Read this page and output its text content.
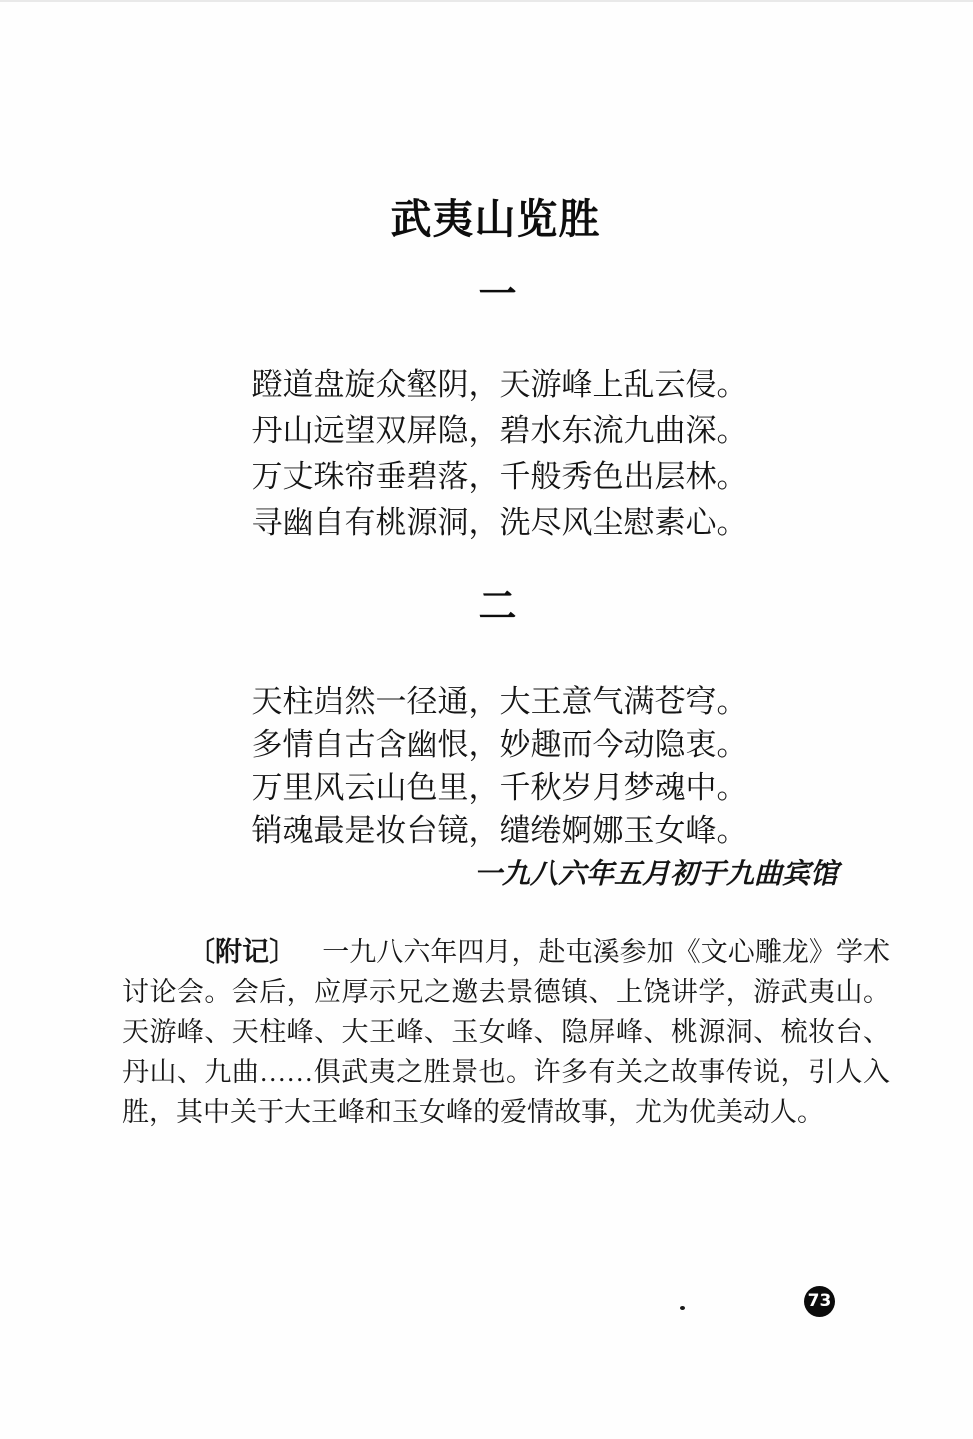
武夷山览胜
一
蹬道盘旋众壑阴，天游峰上乱云侵。
丹山远望双屏隐，碧水东流九曲深。
万丈珠帘垂碧落，千般秀色出层林。
寻幽自有桃源洞，洗尽风尘慰素心。
二
天柱岿然一径通，大王意气满苍穹。
多情自古含幽恨，妙趣而今动隐衷。
万里风云山色里，千秋岁月梦魂中。
销魂最是妆台镜，缱绻婀娜玉女峰。
一九八六年五月初于九曲宾馆
〔附记〕 一九八六年四月，赴屯溪参加《文心雕龙》学术
讨论会。会后，应厚示兄之邀去景德镇、上饶讲学，游武夷山。
天游峰、天柱峰、大王峰、玉女峰、隐屏峰、桃源洞、梳妆台、
丹山、九曲……俱武夷之胜景也。许多有关之故事传说，引人入
胜，其中关于大王峰和玉女峰的爱情故事，尤为优美动人。
73
